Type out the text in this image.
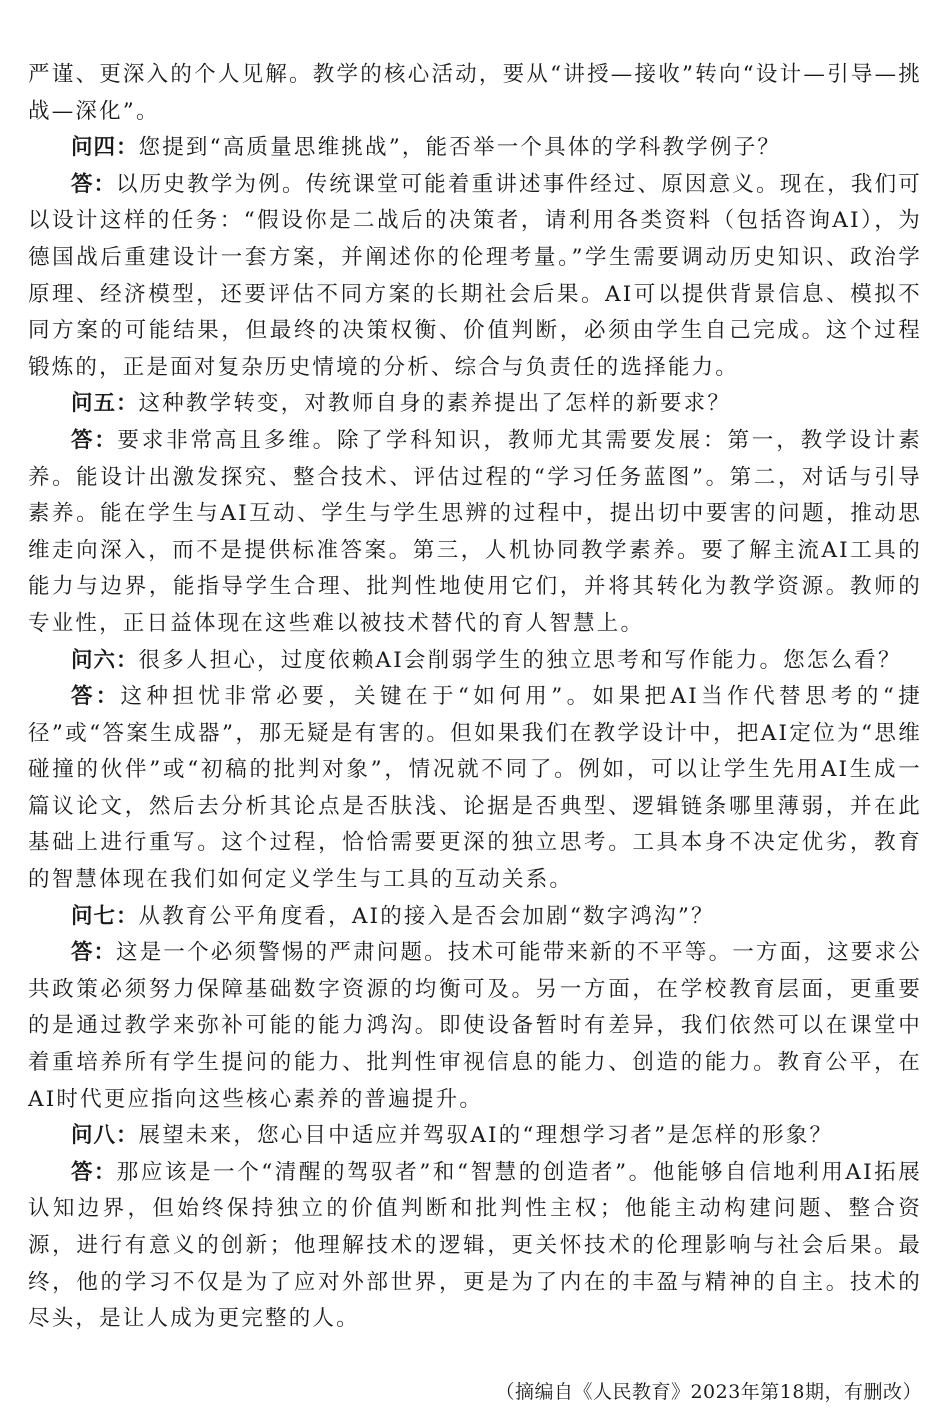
严谨、更深入的个人见解。教学的核心活动，要从“讲授—接收”转向“设计—引导—挑战—深化”。

问四：您提到“高质量思维挑战”，能否举一个具体的学科教学例子？

答：以历史教学为例。传统课堂可能着重讲述事件经过、原因意义。现在，我们可以设计这样的任务：“假设你是二战后的决策者，请利用各类资料（包括咨询AI），为德国战后重建设计一套方案，并阐述你的伦理考量。”学生需要调动历史知识、政治学原理、经济模型，还要评估不同方案的长期社会后果。AI可以提供背景信息、模拟不同方案的可能结果，但最终的决策权衡、价值判断，必须由学生自己完成。这个过程锻炼的，正是面对复杂历史情境的分析、综合与负责任的选择能力。

问五：这种教学转变，对教师自身的素养提出了怎样的新要求？

答：要求非常高且多维。除了学科知识，教师尤其需要发展：第一，教学设计素养。能设计出激发探究、整合技术、评估过程的“学习任务蓝图”。第二，对话与引导素养。能在学生与AI互动、学生与学生思辨的过程中，提出切中要害的问题，推动思维走向深入，而不是提供标准答案。第三，人机协同教学素养。要了解主流AI工具的能力与边界，能指导学生合理、批判性地使用它们，并将其转化为教学资源。教师的专业性，正日益体现在这些难以被技术替代的育人智慧上。

问六：很多人担心，过度依赖AI会削弱学生的独立思考和写作能力。您怎么看？

答：这种担忧非常必要，关键在于“如何用”。如果把AI当作代替思考的“捷径”或“答案生成器”，那无疑是有害的。但如果我们在教学设计中，把AI定位为“思维碰撞的伙伴”或“初稿的批判对象”，情况就不同了。例如，可以让学生先用AI生成一篇议论文，然后去分析其论点是否肤浅、论据是否典型、逻辑链条哪里薄弱，并在此基础上进行重写。这个过程，恰恰需要更深的独立思考。工具本身不决定优劣，教育的智慧体现在我们如何定义学生与工具的互动关系。

问七：从教育公平角度看，AI的接入是否会加剧“数字鸿沟”？

答：这是一个必须警惕的严肃问题。技术可能带来新的不平等。一方面，这要求公共政策必须努力保障基础数字资源的均衡可及。另一方面，在学校教育层面，更重要的是通过教学来弥补可能的能力鸿沟。即使设备暂时有差异，我们依然可以在课堂中着重培养所有学生提问的能力、批判性审视信息的能力、创造的能力。教育公平，在AI时代更应指向这些核心素养的普遍提升。

问八：展望未来，您心目中适应并驾驭AI的“理想学习者”是怎样的形象？

答：那应该是一个“清醒的驾驭者”和“智慧的创造者”。他能够自信地利用AI拓展认知边界，但始终保持独立的价值判断和批判性主权；他能主动构建问题、整合资源，进行有意义的创新；他理解技术的逻辑，更关怀技术的伦理影响与社会后果。最终，他的学习不仅是为了应对外部世界，更是为了内在的丰盈与精神的自主。技术的尽头，是让人成为更完整的人。

（摘编自《人民教育》2023年第18期，有删改）
